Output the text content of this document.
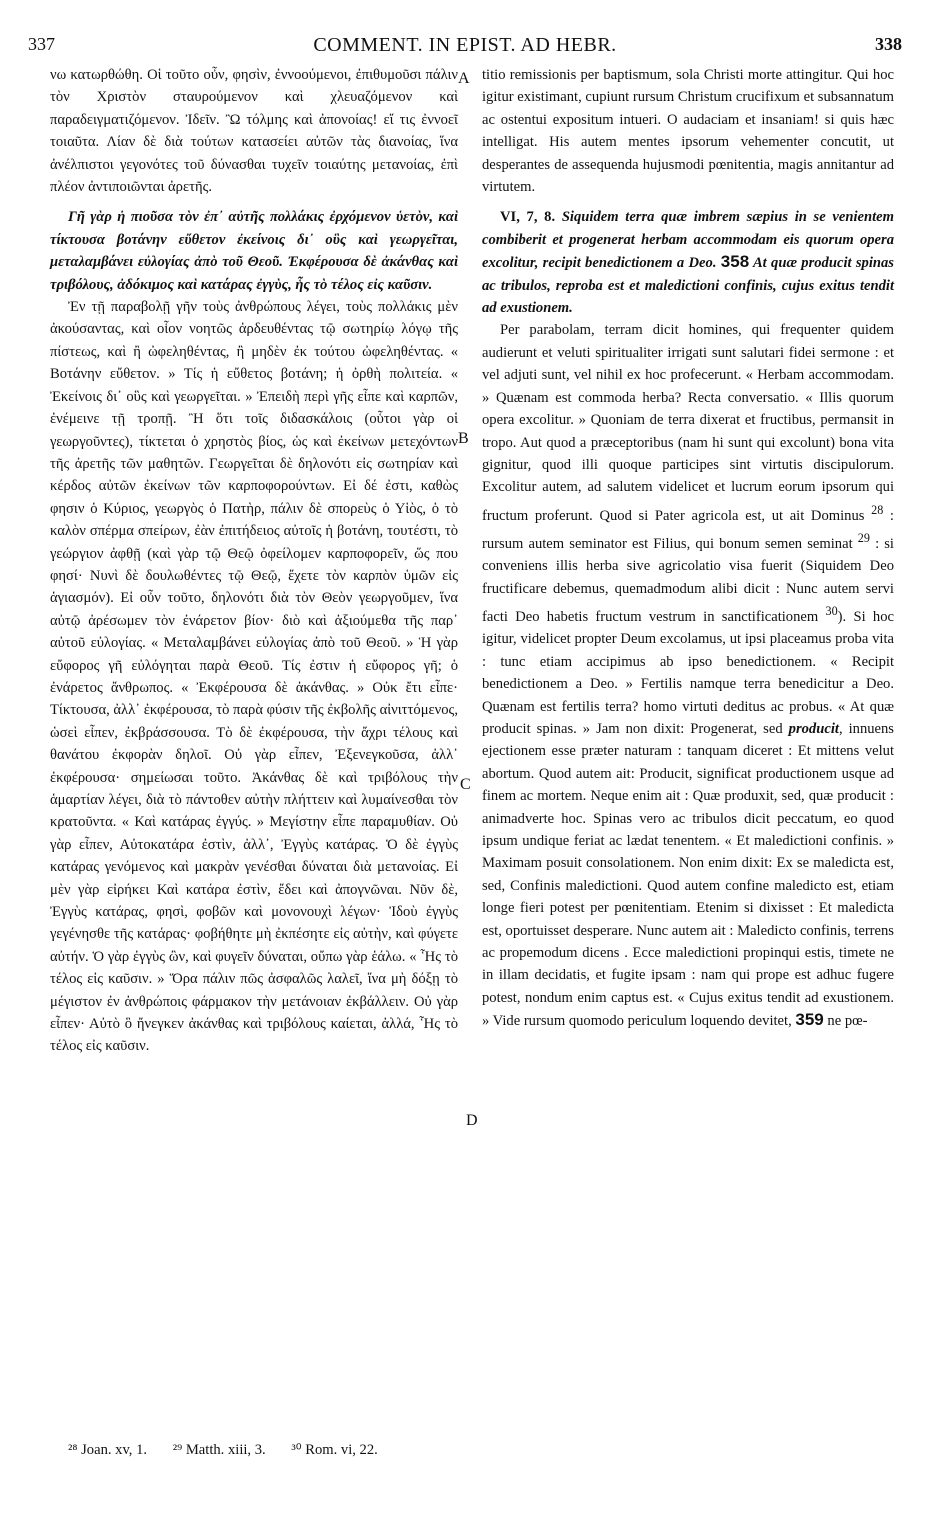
337	COMMENT. IN EPIST. AD HEBR.	338
A
B
C
D

νω κατωρθώθη. Οἱ τοῦτο οὖν, φησὶν, ἐννοούμενοι, ἐπιθυμοῦσι πάλιν τὸν Χριστὸν σταυρούμενον καὶ χλευαζόμενον καὶ παραδειγματιζόμενον. Ἰδεῖν. Ὢ τόλμης καὶ ἀπονοίας! εἴ τις ἐννοεῖ τοιαῦτα. Λίαν δὲ διὰ τούτων κατασείει αὐτῶν τὰς διανοίας, ἵνα ἀνέλπιστοι γεγονότες τοῦ δύνασθαι τυχεῖν τοιαύτης μετανοίας, ἐπὶ πλέον ἀντιποιῶνται ἀρετῆς.

Γῆ γὰρ ἡ πιοῦσα τὸν ἐπ᾽ αὐτῆς πολλάκις ἐρχόμενον ὑετὸν, καὶ τίκτουσα βοτάνην εὔθετον ἐκείνοις δι᾽ οὓς καὶ γεωργεῖται, μεταλαμβάνει εὐλογίας ἀπὸ τοῦ Θεοῦ. Ἐκφέρουσα δὲ ἀκάνθας καὶ τριβόλους, ἀδόκιμος καὶ κατάρας ἐγγὺς, ἧς τὸ τέλος εἰς καῦσιν.

Ἐν τῇ παραβολῇ γῆν τοὺς ἀνθρώπους λέγει, τοὺς πολλάκις μὲν ἀκούσαντας, καὶ οἷον νοητῶς ἀρδευθέντας τῷ σωτηρίῳ λόγῳ τῆς πίστεως, καὶ ἢ ὠφεληθέντας, ἢ μηδὲν ἐκ τούτου ὠφεληθέντας. « Βοτάνην εὔθετον. » Τίς ἡ εὔθετος βοτάνη; ἡ ὀρθὴ πολιτεία. « Ἐκείνοις δι᾽ οὓς καὶ γεωργεῖται. » Ἐπειδὴ περὶ γῆς εἶπε καὶ καρπῶν, ἐνέμεινε τῇ τροπῇ. Ἢ ὅτι τοῖς διδασκάλοις (οὗτοι γὰρ οἱ γεωργοῦντες), τίκτεται ὁ χρηστὸς βίος, ὡς καὶ ἐκείνων μετεχόντων τῆς ἀρετῆς τῶν μαθητῶν. Γεωργεῖται δὲ δηλονότι εἰς σωτηρίαν καὶ κέρδος αὐτῶν ἐκείνων τῶν καρποφορούντων. Εἰ δέ ἐστι, καθὼς φησιν ὁ Κύριος, γεωργὸς ὁ Πατὴρ, πάλιν δὲ σπορεὺς ὁ Υἱὸς, ὁ τὸ καλὸν σπέρμα σπείρων, ἐὰν ἐπιτήδειος αὐτοῖς ἡ βοτάνη, τουτέστι, τὸ γεώργιον ἀφθῇ (καὶ γὰρ τῷ Θεῷ ὀφείλομεν καρποφορεῖν, ὥς που φησί· Νυνὶ δὲ δουλωθέντες τῷ Θεῷ, ἔχετε τὸν καρπὸν ὑμῶν εἰς ἁγιασμόν). Εἰ οὖν τοῦτο, δηλονότι διὰ τὸν Θεὸν γεωργοῦμεν, ἵνα αὐτῷ ἀρέσωμεν τὸν ἐνάρετον βίον· διὸ καὶ ἀξιούμεθα τῆς παρ᾽ αὐτοῦ εὐλογίας. « Μεταλαμβάνει εὐλογίας ἀπὸ τοῦ Θεοῦ. » Ἡ γὰρ εὔφορος γῆ εὐλόγηται παρὰ Θεοῦ. Τίς ἐστιν ἡ εὔφορος γῆ; ὁ ἐνάρετος ἄνθρωπος. « Ἐκφέρουσα δὲ ἀκάνθας. » Οὐκ ἔτι εἶπε· Τίκτουσα, ἀλλ᾽ ἐκφέρουσα, τὸ παρὰ φύσιν τῆς ἐκβολῆς αἰνιττόμενος, ὡσεὶ εἶπεν, ἐκβράσσουσα. Τὸ δὲ ἐκφέρουσα, τὴν ἄχρι τέλους καὶ θανάτου ἐκφορὰν δηλοῖ. Οὐ γὰρ εἶπεν, Ἐξενεγκοῦσα, ἀλλ᾽ ἐκφέρουσα· σημείωσαι τοῦτο. Ἀκάνθας δὲ καὶ τριβόλους τὴν ἁμαρτίαν λέγει, διὰ τὸ πάντοθεν αὐτὴν πλήττειν καὶ λυμαίνεσθαι τὸν κρατοῦντα. « Καὶ κατάρας ἐγγύς. » Μεγίστην εἶπε παραμυθίαν. Οὐ γὰρ εἶπεν, Αὐτοκατάρα ἐστὶν, ἀλλ᾽, Ἐγγὺς κατάρας. Ὁ δὲ ἐγγὺς κατάρας γενόμενος καὶ μακρὰν γενέσθαι δύναται διὰ μετανοίας. Εἰ μὲν γὰρ εἰρήκει Καὶ κατάρα ἐστὶν, ἔδει καὶ ἀπογνῶναι. Νῦν δὲ, Ἐγγὺς κατάρας, φησὶ, φοβῶν καὶ μονονουχὶ λέγων· Ἰδοὺ ἐγγὺς γεγένησθε τῆς κατάρας· φοβήθητε μὴ ἐκπέσητε εἰς αὐτὴν, καὶ φύγετε αὐτήν. Ὁ γὰρ ἐγγὺς ὢν, καὶ φυγεῖν δύναται, οὔπω γὰρ ἑάλω. « Ἧς τὸ τέλος εἰς καῦσιν. » Ὅρα πάλιν πῶς ἀσφαλῶς λαλεῖ, ἵνα μὴ δόξῃ τὸ μέγιστον ἐν ἀνθρώποις φάρμακον τὴν μετάνοιαν ἐκβάλλειν. Οὐ γὰρ εἶπεν· Αὐτὸ ὃ ἤνεγκεν ἀκάνθας καὶ τριβόλους καίεται, ἀλλά, Ἧς τὸ τέλος εἰς καῦσιν.

titio remissionis per baptismum, sola Christi morte attingitur. Qui hoc igitur existimant, cupiunt rursum Christum crucifixum et subsannatum ac ostentui expositum intueri. O audaciam et insaniam! si quis hæc intelligat. His autem mentes ipsorum vehementer concutit, ut desperantes de assequenda hujusmodi pœnitentia, magis annitantur ad virtutem.

VI, 7, 8. Siquidem terra quæ imbrem sæpius in se venientem combiberit et progenerat herbam accommodam eis quorum opera excolitur, recipit benedictionem a Deo. 358 At quæ producit spinas ac tribulos, reproba est et maledictioni confinis, cujus exitus tendit ad exustionem.

Per parabolam, terram dicit homines, qui frequenter quidem audierunt et veluti spiritualiter irrigati sunt salutari fidei sermone : et vel adjuti sunt, vel nihil ex hoc profecerunt. « Herbam accommodam. » Quænam est commoda herba? Recta conversatio. « Illis quorum opera excolitur. » Quoniam de terra dixerat et fructibus, permansit in tropo. Aut quod a præceptoribus (nam hi sunt qui excolunt) bona vita gignitur, quod illi quoque participes sint virtutis discipulorum. Excolitur autem, ad salutem videlicet et lucrum eorum ipsorum qui fructum proferunt. Quod si Pater agricola est, ut ait Dominus $^{28}$ : rursum autem seminator est Filius, qui bonum semen seminat $^{29}$ : si conveniens illis herba sive agricolatio visa fuerit (Siquidem Deo fructificare debemus, quemadmodum alibi dicit : Nunc autem servi facti Deo habetis fructum vestrum in sanctificationem $^{30}$). Si hoc igitur, videlicet propter Deum excolamus, ut ipsi placeamus proba vita : tunc etiam accipimus ab ipso benedictionem. « Recipit benedictionem a Deo. » Fertilis namque terra benedicitur a Deo. Quænam est fertilis terra? homo virtuti deditus ac probus. « At quæ producit spinas. » Jam non dixit: Progenerat, sed producit, innuens ejectionem esse præter naturam : tanquam diceret : Et mittens velut abortum. Quod autem ait: Producit, significat productionem usque ad finem ac mortem. Neque enim ait : Quæ produxit, sed, quæ producit : animadverte hoc. Spinas vero ac tribulos dicit peccatum, eo quod ipsum undique feriat ac lædat tenentem. « Et maledictioni confinis. » Maximam posuit consolationem. Non enim dixit: Ex se maledicta est, sed, Confinis maledictioni. Quod autem confine maledicto est, etiam longe fieri potest per pœnitentiam. Etenim si dixisset : Et maledicta est, oportuisset desperare. Nunc autem ait : Maledicto confinis, terrens ac propemodum dicens . Ecce maledictioni propinqui estis, timete ne in illam decidatis, et fugite ipsam : nam qui prope est adhuc fugere potest, nondum enim captus est. « Cujus exitus tendit ad exustionem. » Vide rursum quomodo periculum loquendo devitet, 359 ne pœ-

²⁸ Joan. xv, 1. ²⁹ Matth. xiii, 3. ³⁰ Rom. vi, 22.
